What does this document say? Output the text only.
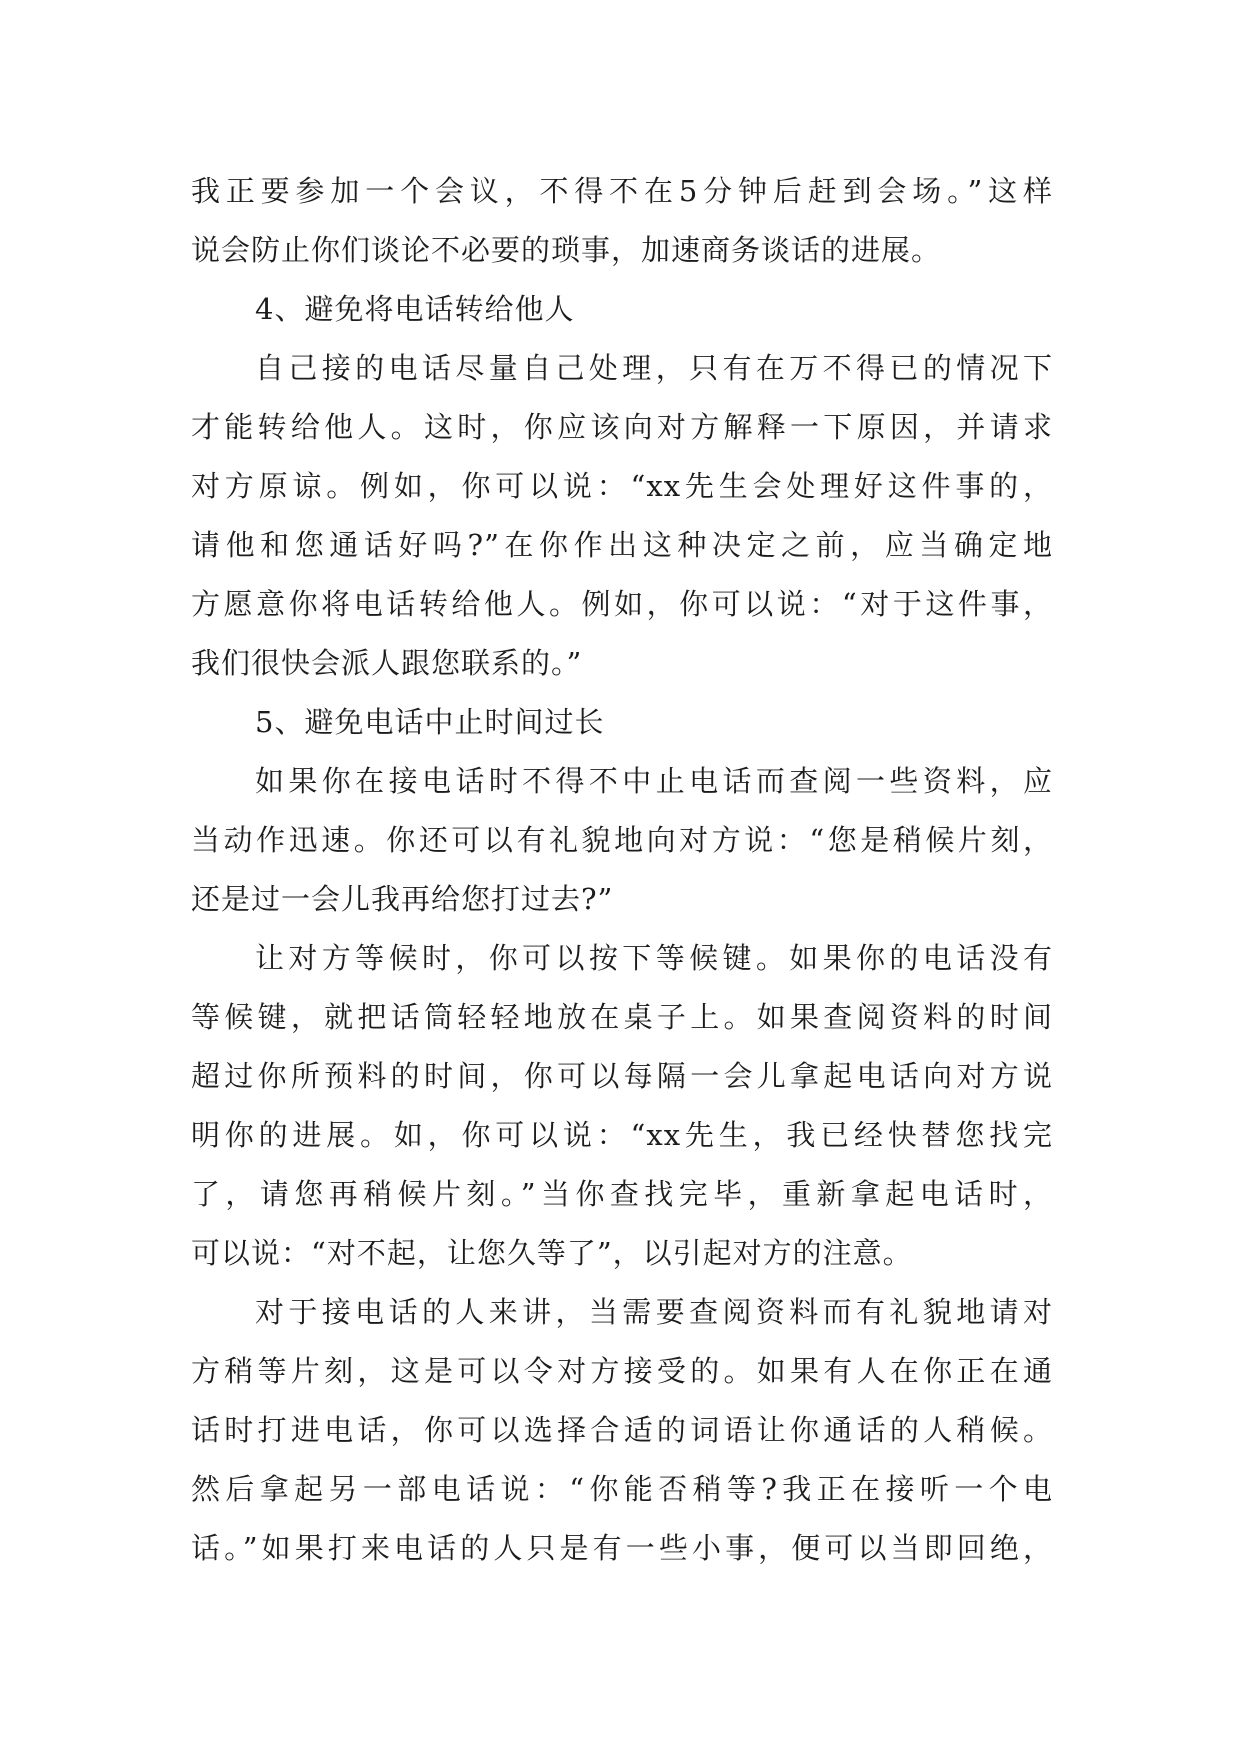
我正要参加一个会议，不得不在5分钟后赶到会场。”这样
说会防止你们谈论不必要的琐事，加速商务谈话的进展。
4、避免将电话转给他人
自己接的电话尽量自己处理，只有在万不得已的情况下
才能转给他人。这时，你应该向对方解释一下原因，并请求
对方原谅。例如，你可以说：“xx先生会处理好这件事的，
请他和您通话好吗?”在你作出这种决定之前，应当确定地
方愿意你将电话转给他人。例如，你可以说：“对于这件事，
我们很快会派人跟您联系的。”
5、避免电话中止时间过长
如果你在接电话时不得不中止电话而查阅一些资料，应
当动作迅速。你还可以有礼貌地向对方说：“您是稍候片刻，
还是过一会儿我再给您打过去?”
让对方等候时，你可以按下等候键。如果你的电话没有
等候键，就把话筒轻轻地放在桌子上。如果查阅资料的时间
超过你所预料的时间，你可以每隔一会儿拿起电话向对方说
明你的进展。如，你可以说：“xx先生，我已经快替您找完
了，请您再稍候片刻。”当你查找完毕，重新拿起电话时，
可以说：“对不起，让您久等了”，以引起对方的注意。
对于接电话的人来讲，当需要查阅资料而有礼貌地请对
方稍等片刻，这是可以令对方接受的。如果有人在你正在通
话时打进电话，你可以选择合适的词语让你通话的人稍候。
然后拿起另一部电话说：“你能否稍等?我正在接听一个电
话。”如果打来电话的人只是有一些小事，便可以当即回绝，
